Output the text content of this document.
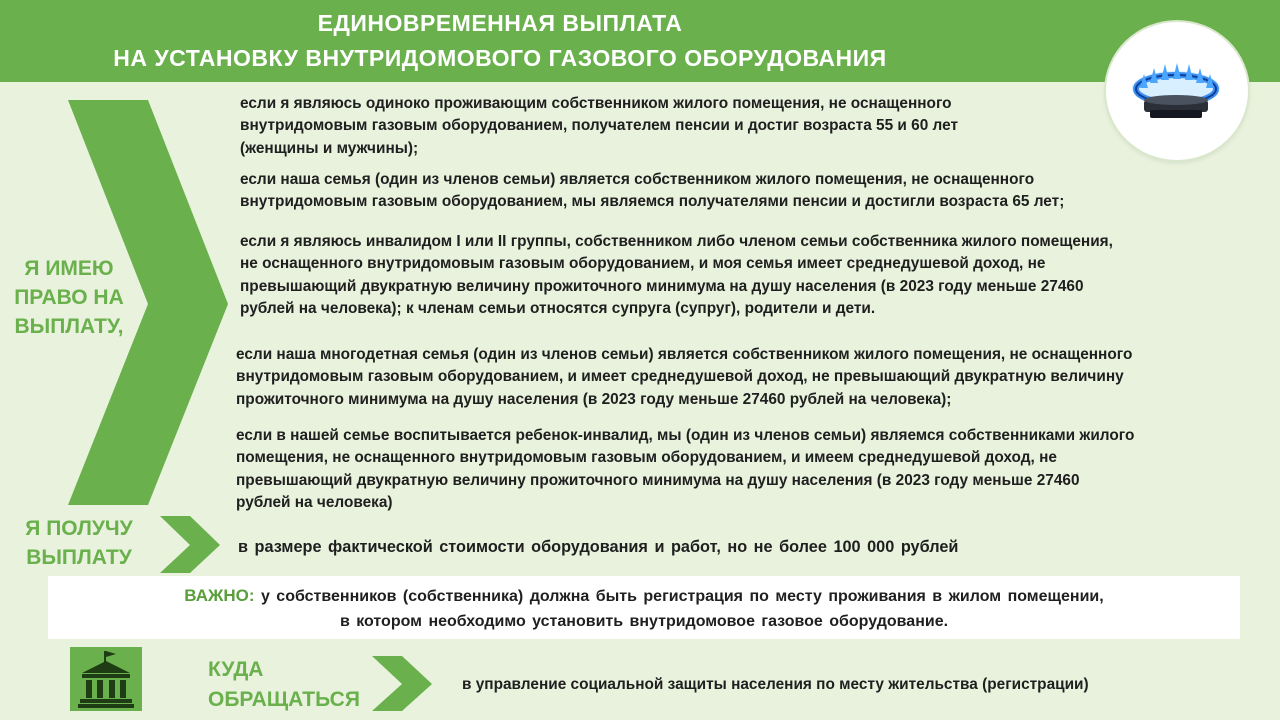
ЕДИНОВРЕМЕННАЯ ВЫПЛАТА
НА УСТАНОВКУ ВНУТРИДОМОВОГО ГАЗОВОГО ОБОРУДОВАНИЯ
Я ИМЕЮ
ПРАВО НА
ВЫПЛАТУ,
если я являюсь одиноко проживающим собственником жилого помещения, не оснащенного
внутридомовым газовым оборудованием, получателем пенсии и достиг возраста 55 и 60 лет
(женщины и мужчины);
если наша семья (один из членов семьи) является собственником жилого помещения, не оснащенного
внутридомовым газовым оборудованием, мы являемся получателями пенсии и достигли возраста 65 лет;
если я являюсь инвалидом I или II группы, собственником либо членом семьи собственника жилого помещения,
не оснащенного внутридомовым газовым оборудованием, и моя семья имеет среднедушевой доход, не
превышающий двукратную величину прожиточного минимума на душу населения (в 2023 году меньше 27460
рублей на человека); к членам семьи относятся супруга (супруг), родители и дети.
если наша многодетная семья (один из членов семьи) является собственником жилого помещения, не оснащенного
внутридомовым газовым оборудованием, и имеет среднедушевой доход, не превышающий двукратную величину
прожиточного минимума на душу населения (в 2023 году меньше 27460 рублей на человека);
если в нашей семье воспитывается ребенок-инвалид, мы (один из членов семьи) являемся собственниками жилого
помещения, не оснащенного внутридомовым газовым оборудованием, и имеем среднедушевой доход, не
превышающий двукратную величину прожиточного минимума на душу населения (в 2023 году меньше 27460
рублей на человека)
Я ПОЛУЧУ
ВЫПЛАТУ	в размере фактической стоимости оборудования и работ, но не более 100 000 рублей
ВАЖНО: у собственников (собственника) должна быть регистрация по месту проживания в жилом помещении,
в котором необходимо установить внутридомовое газовое оборудование.
КУДА
ОБРАЩАТЬСЯ
в управление социальной защиты населения по месту жительства (регистрации)
